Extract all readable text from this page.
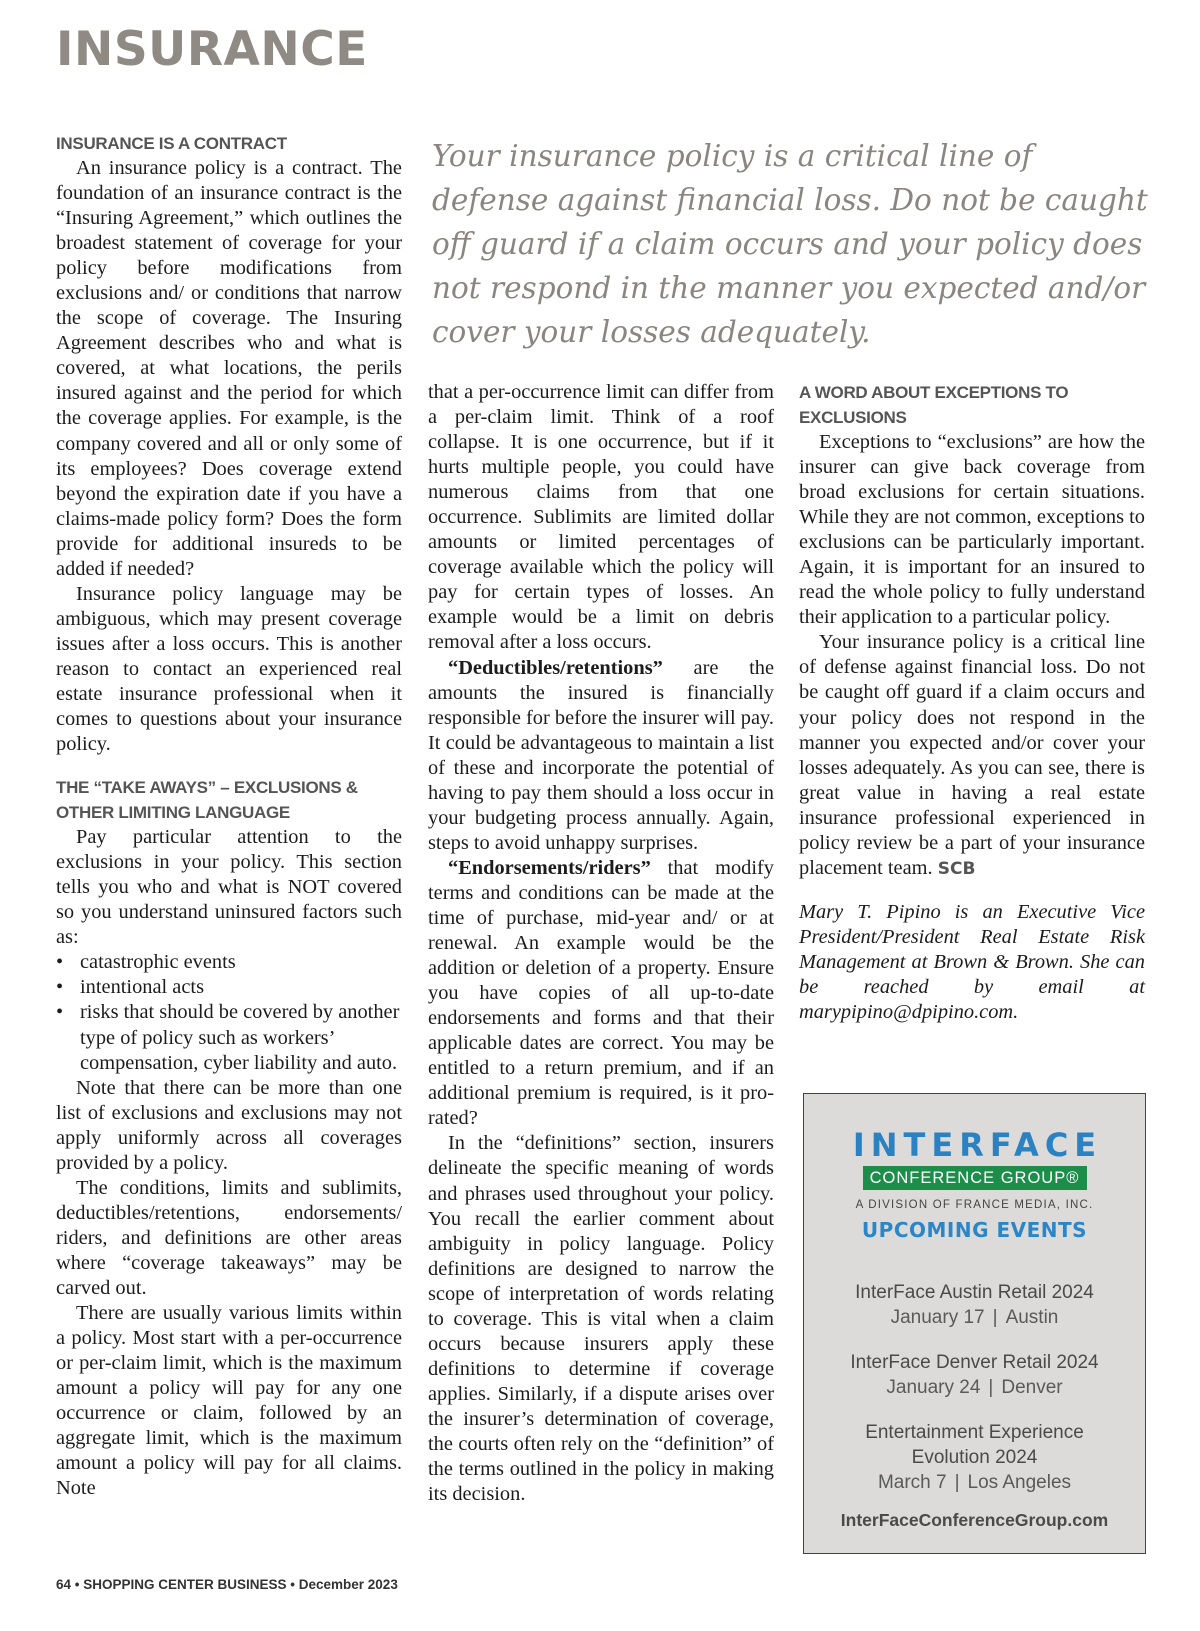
INSURANCE

Your insurance policy is a critical line of defense against financial loss. Do not be caught off guard if a claim occurs and your policy does not respond in the manner you expected and/or cover your losses adequately.

INSURANCE IS A CONTRACT

An insurance policy is a contract. The foundation of an insurance contract is the “Insuring Agreement,” which outlines the broadest statement of coverage for your policy before modifications from exclusions and/ or conditions that narrow the scope of coverage. The Insuring Agreement describes who and what is covered, at what locations, the perils insured against and the period for which the coverage applies. For example, is the company covered and all or only some of its employees? Does coverage extend beyond the expiration date if you have a claims-made policy form? Does the form provide for additional insureds to be added if needed?

Insurance policy language may be ambiguous, which may present coverage issues after a loss occurs. This is another reason to contact an experienced real estate insurance professional when it comes to questions about your insurance policy.

THE “TAKE AWAYS” – EXCLUSIONS & OTHER LIMITING LANGUAGE

Pay particular attention to the exclusions in your policy. This section tells you who and what is NOT covered so you understand uninsured factors such as:

• catastrophic events
• intentional acts
• risks that should be covered by another type of policy such as workers’ compensation, cyber liability and auto.

Note that there can be more than one list of exclusions and exclusions may not apply uniformly across all coverages provided by a policy.

The conditions, limits and sublimits, deductibles/retentions, endorsements/ riders, and definitions are other areas where “coverage takeaways” may be carved out.

There are usually various limits within a policy. Most start with a per-occurrence or per-claim limit, which is the maximum amount a policy will pay for any one occurrence or claim, followed by an aggregate limit, which is the maximum amount a policy will pay for all claims. Note

that a per-occurrence limit can differ from a per-claim limit. Think of a roof collapse. It is one occurrence, but if it hurts multiple people, you could have numerous claims from that one occurrence. Sublimits are limited dollar amounts or limited percentages of coverage available which the policy will pay for certain types of losses. An example would be a limit on debris removal after a loss occurs.

“Deductibles/retentions” are the amounts the insured is financially responsible for before the insurer will pay. It could be advantageous to maintain a list of these and incorporate the potential of having to pay them should a loss occur in your budgeting process annually. Again, steps to avoid unhappy surprises.

“Endorsements/riders” that modify terms and conditions can be made at the time of purchase, mid-year and/ or at renewal. An example would be the addition or deletion of a property. Ensure you have copies of all up-to-date endorsements and forms and that their applicable dates are correct. You may be entitled to a return premium, and if an additional premium is required, is it pro-rated?

In the “definitions” section, insurers delineate the specific meaning of words and phrases used throughout your policy. You recall the earlier comment about ambiguity in policy language. Policy definitions are designed to narrow the scope of interpretation of words relating to coverage. This is vital when a claim occurs because insurers apply these definitions to determine if coverage applies. Similarly, if a dispute arises over the insurer’s determination of coverage, the courts often rely on the “definition” of the terms outlined in the policy in making its decision.

A WORD ABOUT EXCEPTIONS TO EXCLUSIONS

Exceptions to “exclusions” are how the insurer can give back coverage from broad exclusions for certain situations. While they are not common, exceptions to exclusions can be particularly important. Again, it is important for an insured to read the whole policy to fully understand their application to a particular policy.

Your insurance policy is a critical line of defense against financial loss. Do not be caught off guard if a claim occurs and your policy does not respond in the manner you expected and/or cover your losses adequately. As you can see, there is great value in having a real estate insurance professional experienced in policy review be a part of your insurance placement team. SCB

Mary T. Pipino is an Executive Vice President/President Real Estate Risk Management at Brown & Brown. She can be reached by email at marypipino@dpipino.com.

INTERFACE
CONFERENCE GROUP®
A DIVISION OF FRANCE MEDIA, INC.
UPCOMING EVENTS
InterFace Austin Retail 2024
January 17 | Austin
InterFace Denver Retail 2024
January 24 | Denver
Entertainment Experience Evolution 2024
March 7 | Los Angeles
InterFaceConferenceGroup.com
64 • SHOPPING CENTER BUSINESS • December 2023
